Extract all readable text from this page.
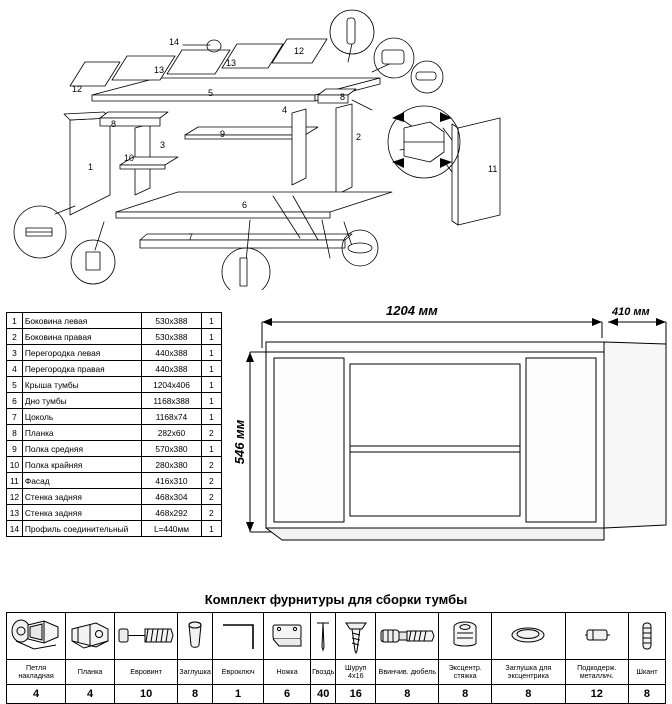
1
2
3
4
5
6
7
8
8
9
10
11
12
12
13
13
14
1	Боковина левая	530x388	1
2	Боковина правая	530x388	1
3	Перегородка левая	440x388	1
4	Перегородка правая	440x388	1
5	Крыша тумбы	1204x406	1
6	Дно тумбы	1168x388	1
7	Цоколь	1168x74	1
8	Планка	282x60	2
9	Полка средняя	570x380	1
10	Полка крайняя	280x380	2
11	Фасад	416x310	2
12	Стенка задняя	468x304	2
13	Стенка задняя	468x292	2
14	Профиль соединительный	L=440мм	1
1204 мм	410 мм
546 мм
Комплект фурнитуры для сборки тумбы

Петля накладная	Планка	Евровинт	Заглушка	Евроключ	Ножка	Гвоздь	Шуруп 4х16	Ввинчив. дюбель	Эксцентр. стяжка	Заглушка для эксцентрика	Подкодерж. металлич.	Шкант
4	4	10	8	1	6	40	16	8	8	8	12	8
